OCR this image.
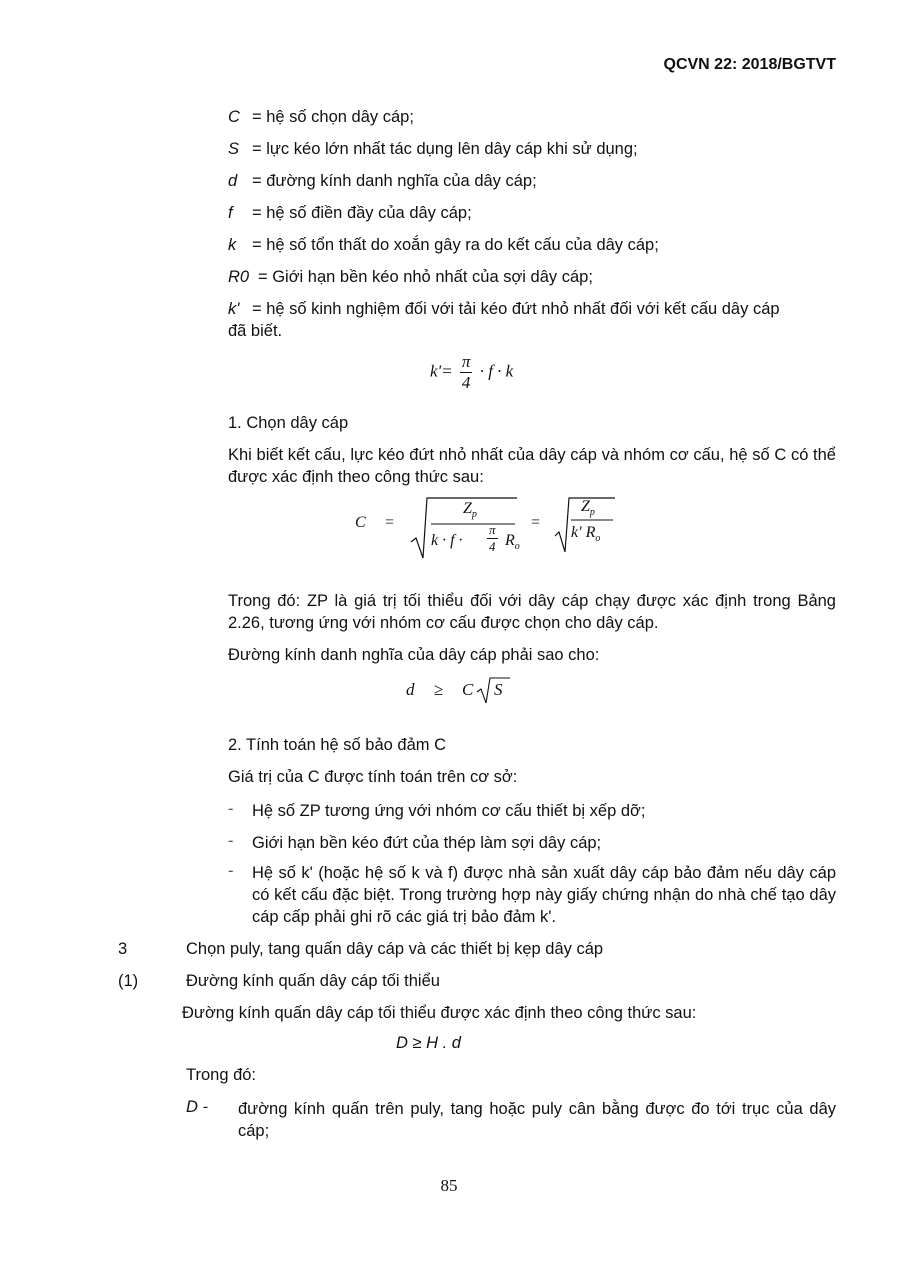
QCVN 22: 2018/BGTVT
C = hệ số chọn dây cáp;
S = lực kéo lớn nhất tác dụng lên dây cáp khi sử dụng;
d = đường kính danh nghĩa của dây cáp;
f = hệ số điền đầy của dây cáp;
k = hệ số tổn thất do xoắn gây ra do kết cấu của dây cáp;
R0 = Giới hạn bền kéo nhỏ nhất của sợi dây cáp;
k' = hệ số kinh nghiệm đối với tải kéo đứt nhỏ nhất đối với kết cấu dây cáp
đã biết.
$k'= \frac{\pi}{4} \cdot f \cdot k$
1. Chọn dây cáp
Khi biết kết cấu, lực kéo đứt nhỏ nhất của dây cáp và nhóm cơ cấu, hệ số C có thể được xác định theo công thức sau:
C =
$Z_p$
$k \cdot f \cdot \frac{\pi}{4} R_o$
=
$Z_p$
k′ $R_o$
Trong đó: ZP là giá trị tối thiểu đối với dây cáp chạy được xác định trong Bảng 2.26, tương ứng với nhóm cơ cấu được chọn cho dây cáp.
Đường kính danh nghĩa của dây cáp phải sao cho:
d ≥ C S
2. Tính toán hệ số bảo đảm C
Giá trị của C được tính toán trên cơ sở:
- Hệ số ZP tương ứng với nhóm cơ cấu thiết bị xếp dỡ;
- Giới hạn bền kéo đứt của thép làm sợi dây cáp;
- Hệ số k' (hoặc hệ số k và f) được nhà sản xuất dây cáp bảo đảm nếu dây cáp có kết cấu đặc biệt. Trong trường hợp này giấy chứng nhận do nhà chế tạo dây cáp cấp phải ghi rõ các giá trị bảo đảm k'.
3	Chọn puly, tang quấn dây cáp và các thiết bị kẹp dây cáp
(1)	Đường kính quấn dây cáp tối thiểu
Đường kính quấn dây cáp tối thiểu được xác định theo công thức sau:
D ≥ H . d
Trong đó:
D - đường kính quấn trên puly, tang hoặc puly cân bằng được đo tới trục của dây cáp;
85
